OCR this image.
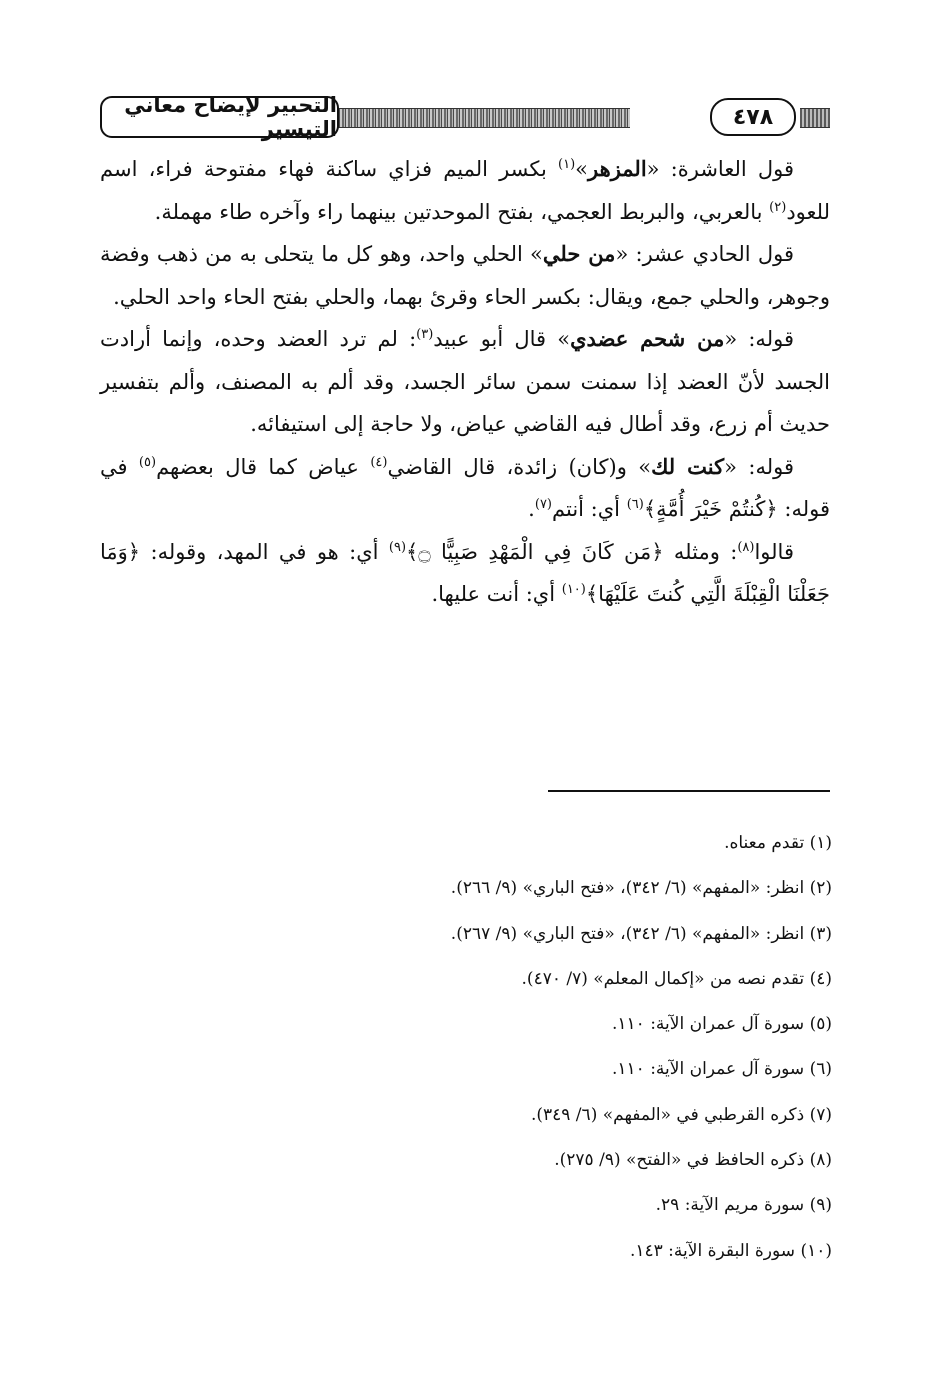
التحبير لإيضاح معاني التيسير	٤٧٨

قول العاشرة: «المزهر»$^{(١)}$ بكسر الميم فزاي ساكنة فهاء مفتوحة فراء، اسم للعود$^{(٢)}$ بالعربي، والبربط العجمي، بفتح الموحدتين بينهما راء وآخره طاء مهملة.

قول الحادي عشر: «من حلي» الحلي واحد، وهو كل ما يتحلى به من ذهب وفضة وجوهر، والحلي جمع، ويقال: بكسر الحاء وقرئ بهما، والحلي بفتح الحاء واحد الحلي.

قوله: «من شحم عضدي» قال أبو عبيد$^{(٣)}$: لم ترد العضد وحده، وإنما أرادت الجسد لأنّ العضد إذا سمنت سمن سائر الجسد، وقد ألم به المصنف، وألم بتفسير حديث أم زرع، وقد أطال فيه القاضي عياض، ولا حاجة إلى استيفائه.

قوله: «كنت لك» و(كان) زائدة، قال القاضي$^{(٤)}$ عياض كما قال بعضهم$^{(٥)}$ في قوله: ﴿كُنتُمْ خَيْرَ أُمَّةٍ﴾$^{(٦)}$ أي: أنتم$^{(٧)}$.

قالوا$^{(٨)}$: ومثله ﴿مَن كَانَ فِي الْمَهْدِ صَبِيًّا ۝﴾$^{(٩)}$ أي: هو في المهد، وقوله: ﴿وَمَا جَعَلْنَا الْقِبْلَةَ الَّتِي كُنتَ عَلَيْهَا﴾$^{(١٠)}$ أي: أنت عليها.

(١) تقدم معناه.
(٢) انظر: «المفهم» (٦/ ٣٤٢)، «فتح الباري» (٩/ ٢٦٦).
(٣) انظر: «المفهم» (٦/ ٣٤٢)، «فتح الباري» (٩/ ٢٦٧).
(٤) تقدم نصه من «إكمال المعلم» (٧/ ٤٧٠).
(٥) سورة آل عمران الآية: ١١٠.
(٦) سورة آل عمران الآية: ١١٠.
(٧) ذكره القرطبي في «المفهم» (٦/ ٣٤٩).
(٨) ذكره الحافظ في «الفتح» (٩/ ٢٧٥).
(٩) سورة مريم الآية: ٢٩.
(١٠) سورة البقرة الآية: ١٤٣.
